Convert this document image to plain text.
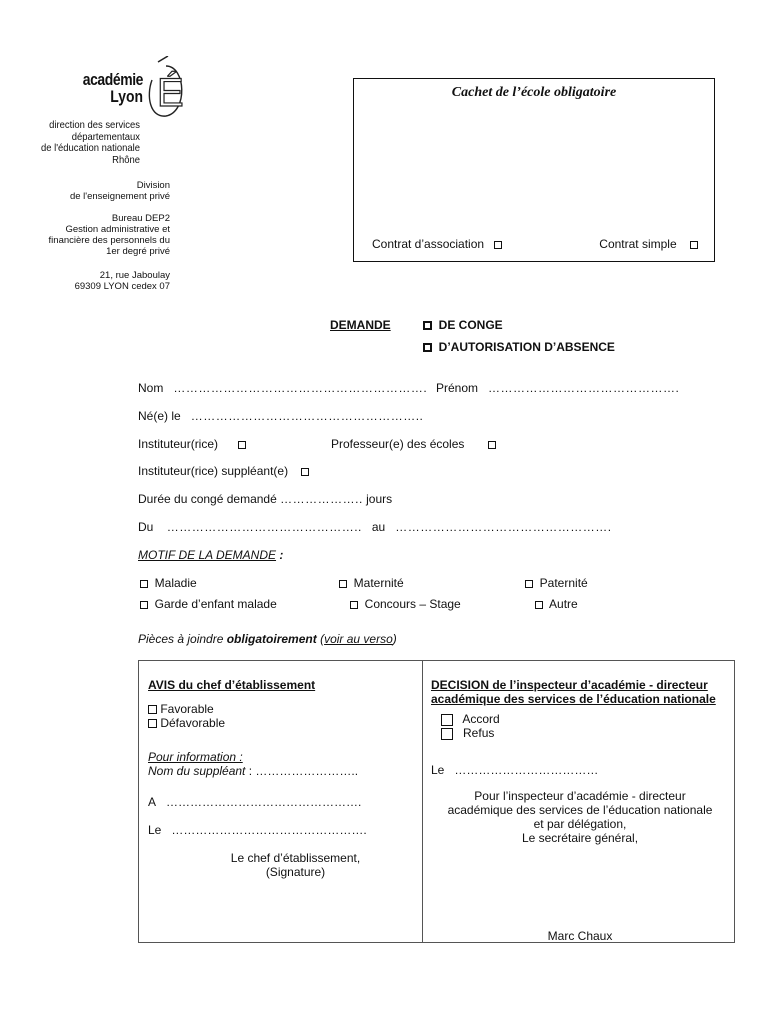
académie
Lyon É
direction des services
départementaux
de l'éducation nationale
Rhône
Division
de l'enseignement privé
Bureau DEP2
Gestion administrative et
financière des personnels du
1er degré privé
21, rue Jaboulay
69309 LYON cedex 07
Cachet de l’école obligatoire
Contrat d’association	Contrat simple
DEMANDE	DE CONGE
D’AUTORISATION D’ABSENCE
Nom ……………………………………………………. Prénom ……………………………………….
Né(e) le ………………………………………………..
Instituteur(rice)	Professeur(e) des écoles
Instituteur(rice) suppléant(e)
Durée du congé demandé ……………….. jours
Du ……………………………………….. au …………………………………………….
MOTIF DE LA DEMANDE :
Maladie	Maternité	Paternité
Garde d’enfant malade	Concours – Stage	Autre
Pièces à joindre obligatoirement (voir au verso)
AVIS du chef d’établissement
Favorable
Défavorable
Pour information :
Nom du suppléant : ……………………..
A ………………………………………….
Le ………………………………………….
Le chef d’établissement,
(Signature)
DECISION de l’inspecteur d’académie - directeur académique des services de l’éducation nationale
Accord
Refus
Le ………………………………
Pour l’inspecteur d’académie - directeur
académique des services de l’éducation nationale
et par délégation,
Le secrétaire général,
Marc Chaux
